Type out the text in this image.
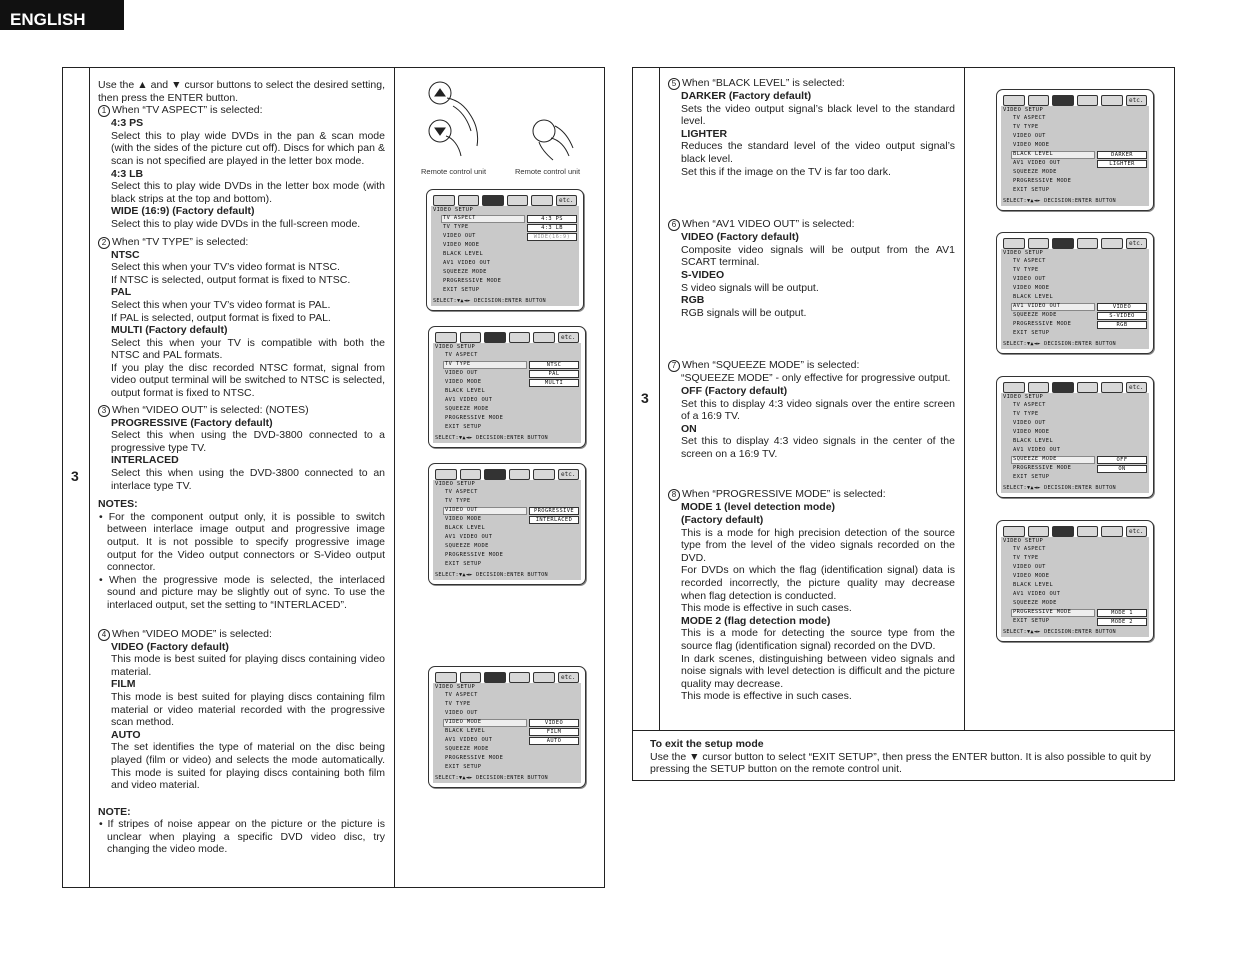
ENGLISH
3

Use the ▲ and ▼ cursor buttons to select the desired setting, then press the ENTER button.

1 When “TV ASPECT” is selected:

4:3 PS

Select this to play wide DVDs in the pan & scan mode (with the sides of the picture cut off). Discs for which pan & scan is not specified are played in the letter box mode.

4:3 LB

Select this to play wide DVDs in the letter box mode (with black strips at the top and bottom).

WIDE (16:9) (Factory default)

Select this to play wide DVDs in the full-screen mode.

2 When “TV TYPE” is selected:

NTSC

Select this when your TV’s video format is NTSC.

If NTSC is selected, output format is fixed to NTSC.

PAL

Select this when your TV’s video format is PAL.

If PAL is selected, output format is fixed to PAL.

MULTI (Factory default)

Select this when your TV is compatible with both the NTSC and PAL formats.

If you play the disc recorded NTSC format, signal from video output terminal will be switched to NTSC is selected, output format is fixed to NTSC.

3 When “VIDEO OUT” is selected: (NOTES)

PROGRESSIVE (Factory default)

Select this when using the DVD-3800 connected to a progressive type TV.

INTERLACED

Select this when using the DVD-3800 connected to an interlace type TV.

NOTES:

• For the component output only, it is possible to switch between interlace image output and progressive image output. It is not possible to specify progressive image output for the Video output connectors or S-Video output connector.

• When the progressive mode is selected, the interlaced sound and picture may be slightly out of sync. To use the interlaced output, set the setting to “INTERLACED”.

4 When “VIDEO MODE” is selected:

VIDEO (Factory default)

This mode is best suited for playing discs containing video material.

FILM

This mode is best suited for playing discs containing film material or video material recorded with the progressive scan method.

AUTO

The set identifies the type of material on the disc being played (film or video) and selects the mode automatically. This mode is suited for playing discs containing both film and video material.

NOTE:

• If stripes of noise appear on the picture or the picture is unclear when playing a specific DVD video disc, try changing the video mode.

Remote control unit	Remote control unit
etc.
VIDEO SETUP
TV ASPECT
TV TYPE
VIDEO OUT
VIDEO MODE
BLACK LEVEL
AV1 VIDEO OUT
SQUEEZE MODE
PROGRESSIVE MODE
EXIT SETUP
4:3 PS
4:3 LB
WIDE(16:9)
SELECT:▼▲◄► DECISION:ENTER BUTTON
etc.
VIDEO SETUP
TV ASPECT
TV TYPE
VIDEO OUT
VIDEO MODE
BLACK LEVEL
AV1 VIDEO OUT
SQUEEZE MODE
PROGRESSIVE MODE
EXIT SETUP
NTSC
PAL
MULTI
SELECT:▼▲◄► DECISION:ENTER BUTTON
etc.
VIDEO SETUP
TV ASPECT
TV TYPE
VIDEO OUT
VIDEO MODE
BLACK LEVEL
AV1 VIDEO OUT
SQUEEZE MODE
PROGRESSIVE MODE
EXIT SETUP
PROGRESSIVE
INTERLACED
SELECT:▼▲◄► DECISION:ENTER BUTTON
etc.
VIDEO SETUP
TV ASPECT
TV TYPE
VIDEO OUT
VIDEO MODE
BLACK LEVEL
AV1 VIDEO OUT
SQUEEZE MODE
PROGRESSIVE MODE
EXIT SETUP
VIDEO
FILM
AUTO
SELECT:▼▲◄► DECISION:ENTER BUTTON
3

5 When “BLACK LEVEL” is selected:

DARKER (Factory default)

Sets the video output signal’s black level to the standard level.

LIGHTER

Reduces the standard level of the video output signal’s black level.

Set this if the image on the TV is far too dark.

6 When “AV1 VIDEO OUT” is selected:

VIDEO (Factory default)

Composite video signals will be output from the AV1 SCART terminal.

S-VIDEO

S video signals will be output.

RGB

RGB signals will be output.

7 When “SQUEEZE MODE” is selected:

“SQUEEZE MODE” - only effective for progressive output.

OFF (Factory default)

Set this to display 4:3 video signals over the entire screen of a 16:9 TV.

ON

Set this to display 4:3 video signals in the center of the screen on a 16:9 TV.

8 When “PROGRESSIVE MODE” is selected:

MODE 1 (level detection mode)

(Factory default)

This is a mode for high precision detection of the source type from the level of the video signals recorded on the DVD.

For DVDs on which the flag (identification signal) data is recorded incorrectly, the picture quality may decrease when flag detection is conducted.

This mode is effective in such cases.

MODE 2 (flag detection mode)

This is a mode for detecting the source type from the source flag (identification signal) recorded on the DVD.

In dark scenes, distinguishing between video signals and noise signals with level detection is difficult and the picture quality may decrease.

This mode is effective in such cases.

To exit the setup mode

Use the ▼ cursor button to select “EXIT SETUP”, then press the ENTER button. It is also possible to quit by pressing the SETUP button on the remote control unit.

etc.
VIDEO SETUP
TV ASPECT
TV TYPE
VIDEO OUT
VIDEO MODE
BLACK LEVEL
AV1 VIDEO OUT
SQUEEZE MODE
PROGRESSIVE MODE
EXIT SETUP
DARKER
LIGHTER
SELECT:▼▲◄► DECISION:ENTER BUTTON
etc.
VIDEO SETUP
TV ASPECT
TV TYPE
VIDEO OUT
VIDEO MODE
BLACK LEVEL
AV1 VIDEO OUT
SQUEEZE MODE
PROGRESSIVE MODE
EXIT SETUP
VIDEO
S-VIDEO
RGB
SELECT:▼▲◄► DECISION:ENTER BUTTON
etc.
VIDEO SETUP
TV ASPECT
TV TYPE
VIDEO OUT
VIDEO MODE
BLACK LEVEL
AV1 VIDEO OUT
SQUEEZE MODE
PROGRESSIVE MODE
EXIT SETUP
OFF
ON
SELECT:▼▲◄► DECISION:ENTER BUTTON
etc.
VIDEO SETUP
TV ASPECT
TV TYPE
VIDEO OUT
VIDEO MODE
BLACK LEVEL
AV1 VIDEO OUT
SQUEEZE MODE
PROGRESSIVE MODE
EXIT SETUP
MODE 1
MODE 2
SELECT:▼▲◄► DECISION:ENTER BUTTON
